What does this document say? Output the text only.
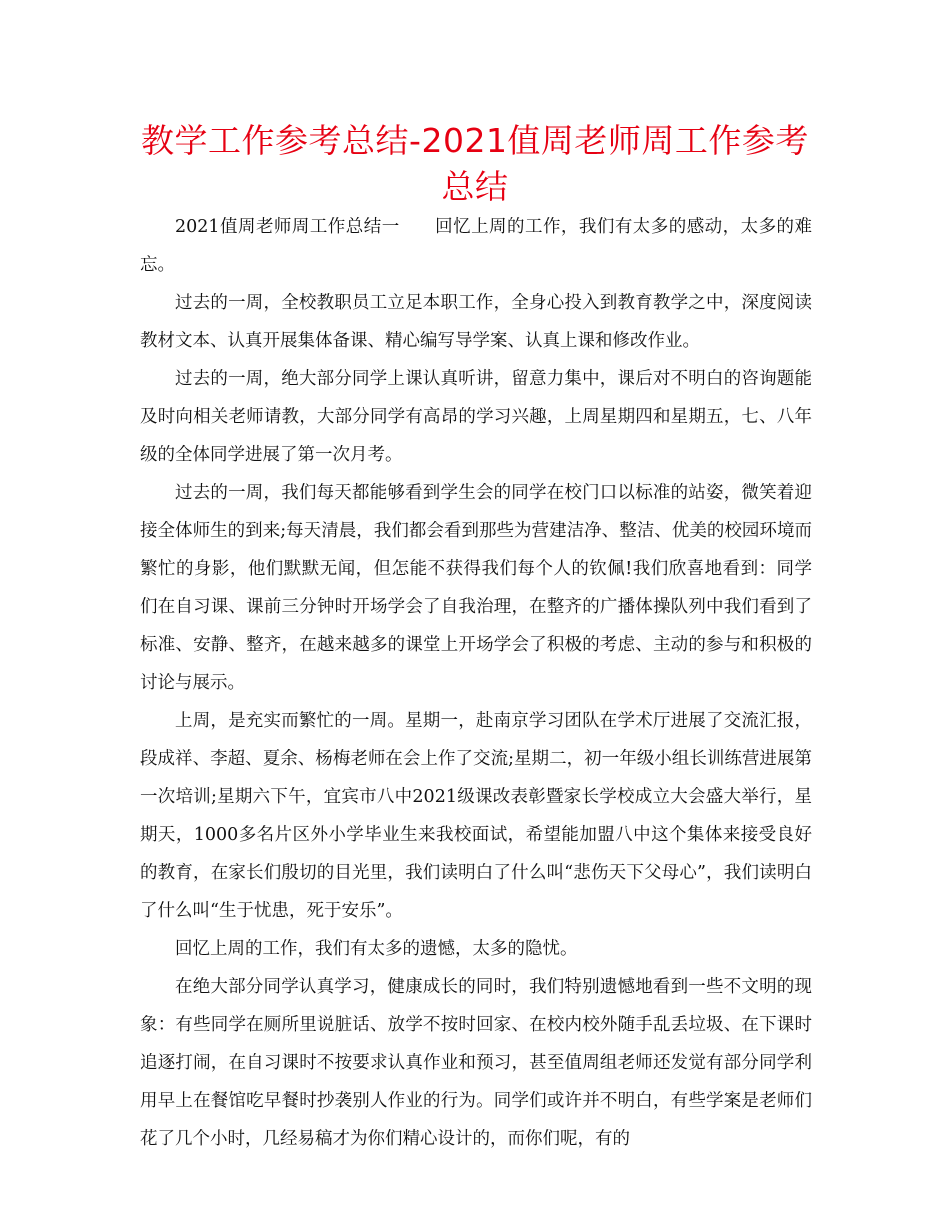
教学工作参考总结-2021值周老师周工作参考总结

2021值周老师周工作总结一 回忆上周的工作，我们有太多的感动，太多的难忘。

过去的一周，全校教职员工立足本职工作，全身心投入到教育教学之中，深度阅读教材文本、认真开展集体备课、精心编写导学案、认真上课和修改作业。

过去的一周，绝大部分同学上课认真听讲，留意力集中，课后对不明白的咨询题能及时向相关老师请教，大部分同学有高昂的学习兴趣，上周星期四和星期五，七、八年级的全体同学进展了第一次月考。

过去的一周，我们每天都能够看到学生会的同学在校门口以标准的站姿，微笑着迎接全体师生的到来;每天清晨，我们都会看到那些为营建洁净、整洁、优美的校园环境而繁忙的身影，他们默默无闻，但怎能不获得我们每个人的钦佩!我们欣喜地看到：同学们在自习课、课前三分钟时开场学会了自我治理，在整齐的广播体操队列中我们看到了标准、安静、整齐，在越来越多的课堂上开场学会了积极的考虑、主动的参与和积极的讨论与展示。

上周，是充实而繁忙的一周。星期一，赴南京学习团队在学术厅进展了交流汇报，段成祥、李超、夏余、杨梅老师在会上作了交流;星期二，初一年级小组长训练营进展第一次培训;星期六下午，宜宾市八中2021级课改表彰暨家长学校成立大会盛大举行，星期天，1000多名片区外小学毕业生来我校面试，希望能加盟八中这个集体来接受良好的教育，在家长们殷切的目光里，我们读明白了什么叫“悲伤天下父母心”，我们读明白了什么叫“生于忧患，死于安乐”。

回忆上周的工作，我们有太多的遗憾，太多的隐忧。

在绝大部分同学认真学习，健康成长的同时，我们特别遗憾地看到一些不文明的现象：有些同学在厕所里说脏话、放学不按时回家、在校内校外随手乱丢垃圾、在下课时追逐打闹，在自习课时不按要求认真作业和预习，甚至值周组老师还发觉有部分同学利用早上在餐馆吃早餐时抄袭别人作业的行为。同学们或许并不明白，有些学案是老师们花了几个小时，几经易稿才为你们精心设计的，而你们呢，有的
